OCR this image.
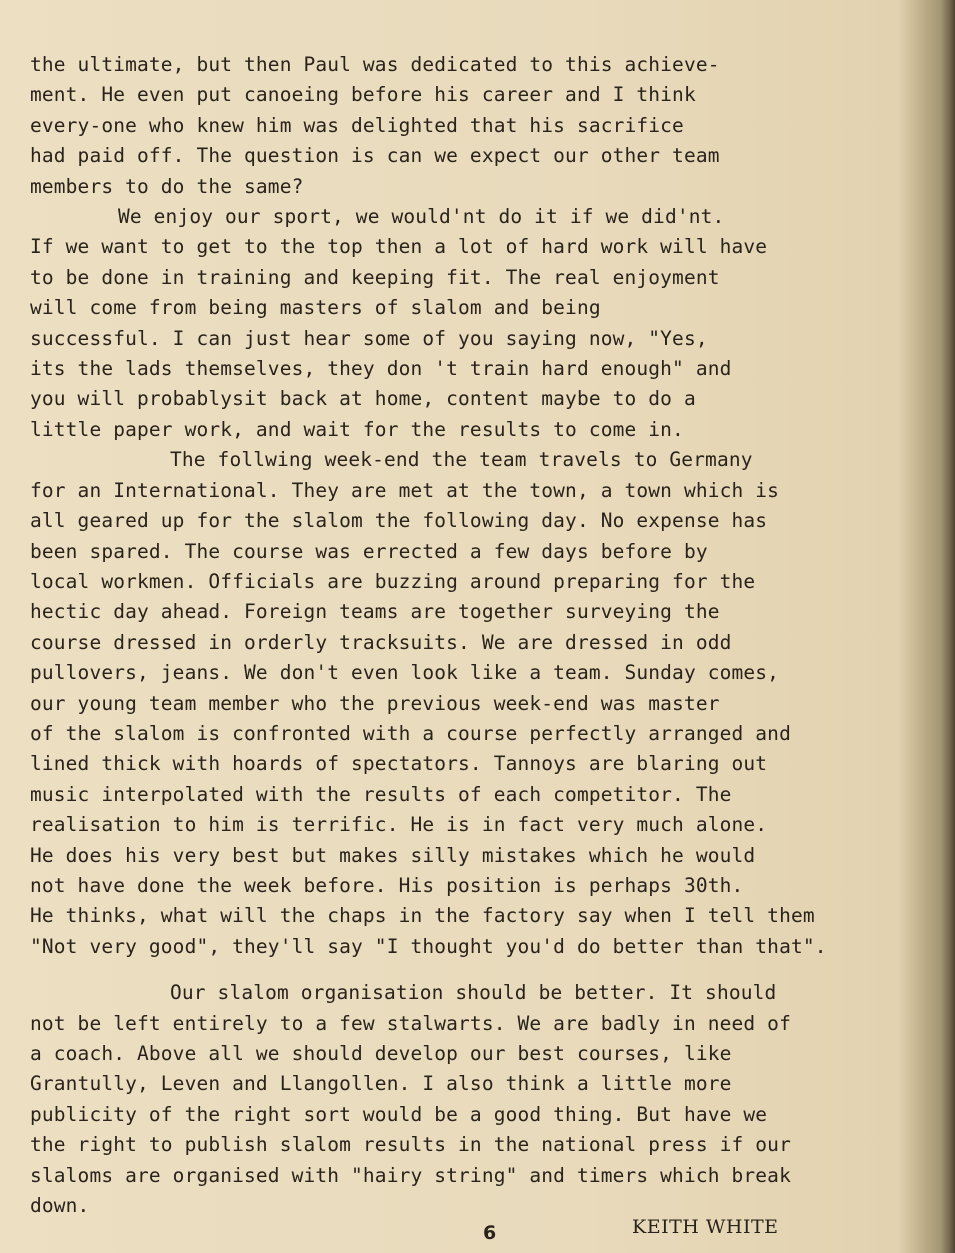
the ultimate, but then Paul was dedicated to this achieve-
ment. He even put canoeing before his career and I think
every-one who knew him was delighted that his sacrifice
had paid off. The question is can we expect our other team
members to do the same?

We enjoy our sport, we would'nt do it if we did'nt.
If we want to get to the top then a lot of hard work will have
to be done in training and keeping fit. The real enjoyment
will come from being masters of slalom and being
successful. I can just hear some of you saying now, "Yes,
its the lads themselves, they don 't train hard enough" and
you will probablysit back at home, content maybe to do a
little paper work, and wait for the results to come in.

The follwing week-end the team travels to Germany
for an International. They are met at the town, a town which is
all geared up for the slalom the following day. No expense has
been spared. The course was errected a few days before by
local workmen. Officials are buzzing around preparing for the
hectic day ahead. Foreign teams are together surveying the
course dressed in orderly tracksuits. We are dressed in odd
pullovers, jeans. We don't even look like a team. Sunday comes,
our young team member who the previous week-end was master
of the slalom is confronted with a course perfectly arranged and
lined thick with hoards of spectators. Tannoys are blaring out
music interpolated with the results of each competitor. The
realisation to him is terrific. He is in fact very much alone.
He does his very best but makes silly mistakes which he would
not have done the week before. His position is perhaps 30th.
He thinks, what will the chaps in the factory say when I tell them
"Not very good", they'll say "I thought you'd do better than that".

Our slalom organisation should be better. It should
not be left entirely to a few stalwarts. We are badly in need of
a coach. Above all we should develop our best courses, like
Grantully, Leven and Llangollen. I also think a little more
publicity of the right sort would be a good thing. But have we
the right to publish slalom results in the national press if our
slaloms are organised with "hairy string" and timers which break
down.

6	KEITH WHITE
